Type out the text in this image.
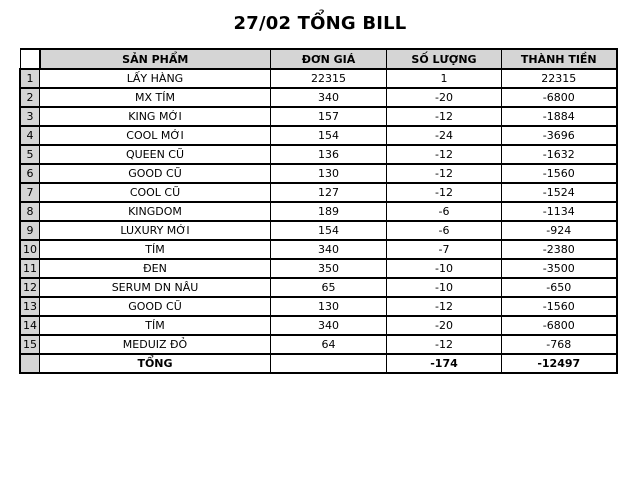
27/02 TỔNG BILL
	SẢN PHẨM	ĐƠN GIÁ	SỐ LƯỢNG	THÀNH TIỀN
1	LẤY HÀNG	22315	1	22315
2	MX TÍM	340	-20	-6800
3	KING MỚI	157	-12	-1884
4	COOL MỚI	154	-24	-3696
5	QUEEN CŨ	136	-12	-1632
6	GOOD CŨ	130	-12	-1560
7	COOL CŨ	127	-12	-1524
8	KINGDOM	189	-6	-1134
9	LUXURY MỚI	154	-6	-924
10	TÍM	340	-7	-2380
11	ĐEN	350	-10	-3500
12	SERUM DN NÂU	65	-10	-650
13	GOOD CŨ	130	-12	-1560
14	TÍM	340	-20	-6800
15	MEDUIZ ĐỎ	64	-12	-768
	TỔNG		-174	-12497
